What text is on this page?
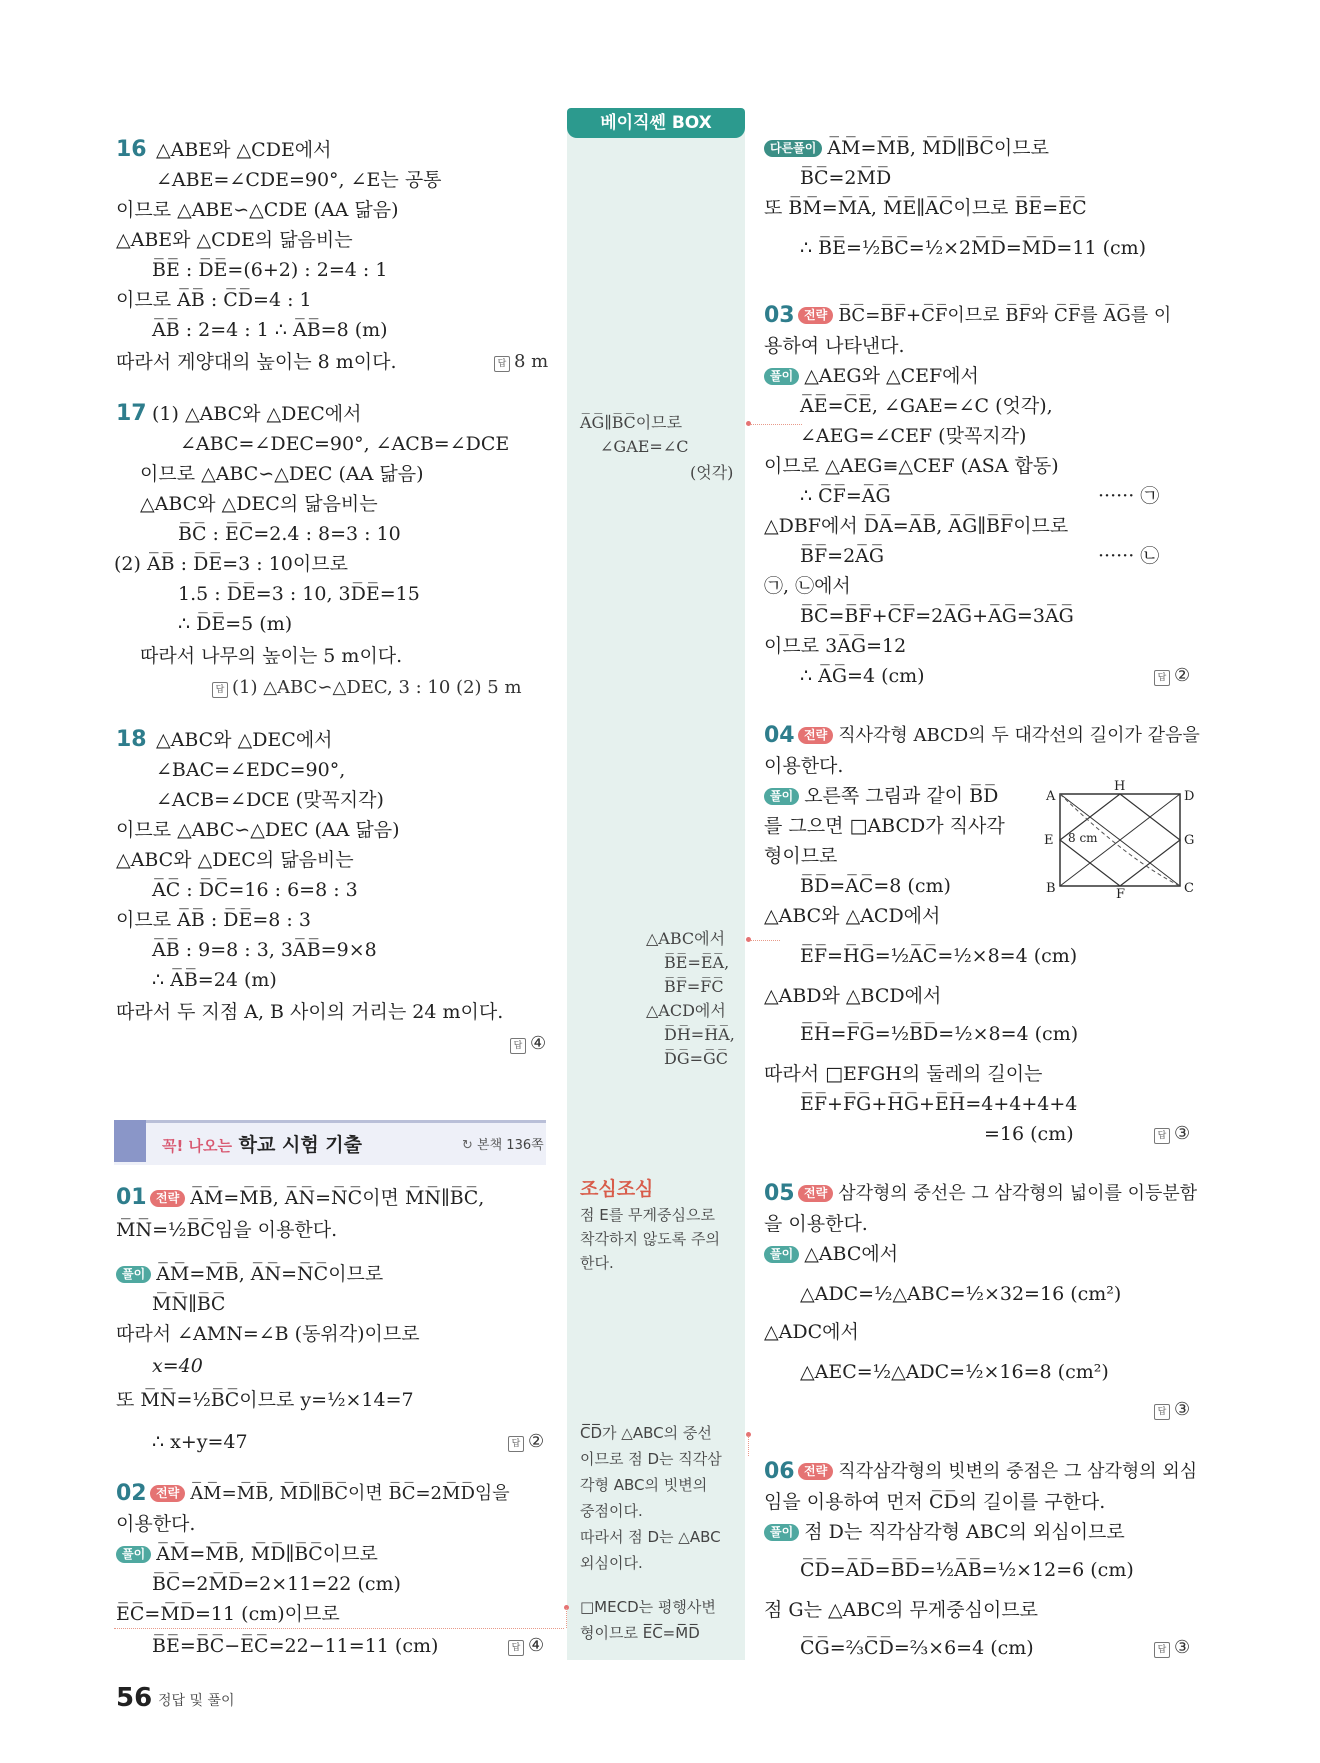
베이직쎈 BOX
16 △ABE와 △CDE에서
∠ABE=∠CDE=90°, ∠E는 공통
이므로 △ABE∽△CDE (AA 닮음)
△ABE와 △CDE의 닮음비는
B̅E̅ : D̅E̅=(6+2) : 2=4 : 1
이므로 A̅B̅ : C̅D̅=4 : 1
A̅B̅ : 2=4 : 1 ∴ A̅B̅=8 (m)
따라서 게양대의 높이는 8 m이다.	답 8 m
17 (1) △ABC와 △DEC에서
∠ABC=∠DEC=90°, ∠ACB=∠DCE
이므로 △ABC∽△DEC (AA 닮음)
△ABC와 △DEC의 닮음비는
B̅C̅ : E̅C̅=2.4 : 8=3 : 10
(2) A̅B̅ : D̅E̅=3 : 10이므로
1.5 : D̅E̅=3 : 10, 3D̅E̅=15
∴ D̅E̅=5 (m)
따라서 나무의 높이는 5 m이다.
답 (1) △ABC∽△DEC, 3 : 10 (2) 5 m
18 △ABC와 △DEC에서
∠BAC=∠EDC=90°,
∠ACB=∠DCE (맞꼭지각)
이므로 △ABC∽△DEC (AA 닮음)
△ABC와 △DEC의 닮음비는
A̅C̅ : D̅C̅=16 : 6=8 : 3
이므로 A̅B̅ : D̅E̅=8 : 3
A̅B̅ : 9=8 : 3, 3A̅B̅=9×8
∴ A̅B̅=24 (m)
따라서 두 지점 A, B 사이의 거리는 24 m이다.
답 ④
꼭! 나오는 학교 시험 기출	↻ 본책 136쪽
01 전략 A̅M̅=M̅B̅, A̅N̅=N̅C̅이면 M̅N̅∥B̅C̅,
M̅N̅=½B̅C̅임을 이용한다.
풀이 A̅M̅=M̅B̅, A̅N̅=N̅C̅이므로
M̅N̅∥B̅C̅
따라서 ∠AMN=∠B (동위각)이므로
x=40
또 M̅N̅=½B̅C̅이므로 y=½×14=7
∴ x+y=47	답 ②
02 전략 A̅M̅=M̅B̅, M̅D̅∥B̅C̅이면 B̅C̅=2M̅D̅임을
이용한다.
풀이 A̅M̅=M̅B̅, M̅D̅∥B̅C̅이므로
B̅C̅=2M̅D̅=2×11=22 (cm)
E̅C̅=M̅D̅=11 (cm)이므로
B̅E̅=B̅C̅−E̅C̅=22−11=11 (cm)	답 ④
56 정답 및 풀이
A̅G̅∥B̅C̅이므로
∠GAE=∠C
(엇각)
△ABC에서
B̅E̅=E̅A̅,
B̅F̅=F̅C̅
△ACD에서
D̅H̅=H̅A̅,
D̅G̅=G̅C̅
조심조심
점 E를 무게중심으로
착각하지 않도록 주의
한다.
C̅D̅가 △ABC의 중선
이므로 점 D는 직각삼
각형 ABC의 빗변의
중점이다.
따라서 점 D는 △ABC
외심이다.
□MECD는 평행사변
형이므로 E̅C̅=M̅D̅
다른풀이 A̅M̅=M̅B̅, M̅D̅∥B̅C̅이므로
B̅C̅=2M̅D̅
또 B̅M̅=M̅A̅, M̅E̅∥A̅C̅이므로 B̅E̅=E̅C̅
∴ B̅E̅=½B̅C̅=½×2M̅D̅=M̅D̅=11 (cm)
03 전략 B̅C̅=B̅F̅+C̅F̅이므로 B̅F̅와 C̅F̅를 A̅G̅를 이
용하여 나타낸다.
풀이 △AEG와 △CEF에서
A̅E̅=C̅E̅, ∠GAE=∠C (엇각),
∠AEG=∠CEF (맞꼭지각)
이므로 △AEG≡△CEF (ASA 합동)
∴ C̅F̅=A̅G̅	······ ㉠
△DBF에서 D̅A̅=A̅B̅, A̅G̅∥B̅F̅이므로
B̅F̅=2A̅G̅	······ ㉡
㉠, ㉡에서
B̅C̅=B̅F̅+C̅F̅=2A̅G̅+A̅G̅=3A̅G̅
이므로 3A̅G̅=12
∴ A̅G̅=4 (cm)	답 ②
04 전략 직사각형 ABCD의 두 대각선의 길이가 같음을
이용한다.
풀이 오른쪽 그림과 같이 B̅D̅
를 그으면 □ABCD가 직사각
형이므로
B̅D̅=A̅C̅=8 (cm)
△ABC와 △ACD에서
E̅F̅=H̅G̅=½A̅C̅=½×8=4 (cm)
△ABD와 △BCD에서
E̅H̅=F̅G̅=½B̅D̅=½×8=4 (cm)
따라서 □EFGH의 둘레의 길이는
E̅F̅+F̅G̅+H̅G̅+E̅H̅=4+4+4+4
=16 (cm)	답 ③
A
H
D
E	G
B	F	C
8 cm
05 전략 삼각형의 중선은 그 삼각형의 넓이를 이등분함
을 이용한다.
풀이 △ABC에서
△ADC=½△ABC=½×32=16 (cm²)
△ADC에서
△AEC=½△ADC=½×16=8 (cm²)
답 ③
06 전략 직각삼각형의 빗변의 중점은 그 삼각형의 외심
임을 이용하여 먼저 C̅D̅의 길이를 구한다.
풀이 점 D는 직각삼각형 ABC의 외심이므로
C̅D̅=A̅D̅=B̅D̅=½A̅B̅=½×12=6 (cm)
점 G는 △ABC의 무게중심이므로
C̅G̅=⅔C̅D̅=⅔×6=4 (cm)	답 ③
